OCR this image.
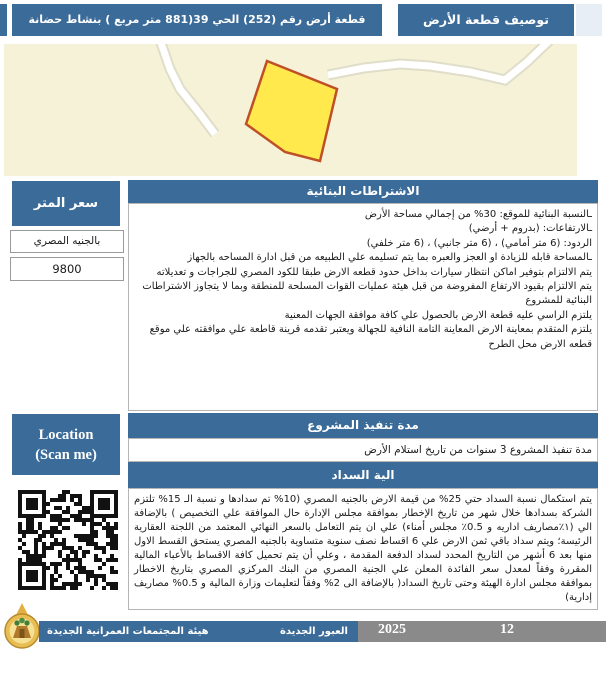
قطعة أرض رقم (252) الحي 39(881 متر مربع ) بنشاط حضانة	توصيف قطعة الأرض
سعر المتر
بالجنيه المصري
9800
الاشتراطات البنائية
ـالنسبة البنائية للموقع: 30% من إجمالي مساحة الأرض
ـالارتفاعات: (بدروم + أرضي)
الردود: (6 متر أمامي) ، (6 متر جانبي) ، (6 متر خلفي)
ـالمساحة قابله للزيادة او العجز والعبره بما يتم تسليمه علي الطبيعه من قبل ادارة المساحه بالجهاز
يتم الالتزام بتوفير اماكن انتظار سيارات بداخل حدود قطعه الارض طبقا للكود المصري للجراجات و تعديلاته
يتم الالتزام بقيود الارتفاع المفروضة من قبل هيئة عمليات القوات المسلحة للمنطقة وبما لا يتجاوز الاشتراطات البنائية للمشروع
يلتزم الراسي عليه قطعة الارض بالحصول علي كافة موافقة الجهات المعنية
يلتزم المتقدم بمعاينة الارض المعاينة التامة النافية للجهالة ويعتبر تقدمه قرينة قاطعة علي موافقته علي موقع قطعه الارض محل الطرح
مدة تنفيذ المشروع
مدة تنفيذ المشروع 3 سنوات من تاريخ استلام الأرض
الية السداد
يتم استكمال نسبة السداد حتي 25% من قيمة الارض بالجنيه المصري (10% تم سدادها و نسبة الـ 15% تلتزم الشركة بسدادها خلال شهر من تاريخ الإخطار بموافقة مجلس الإدارة حال الموافقة علي التخصيص ) بالإضافة الي (١٪مصاريف اداريه و 0.5٪ مجلس أمناء) علي ان يتم التعامل بالسعر النهائي المعتمد من اللجنة العقارية الرئيسة؛ ويتم سداد باقي ثمن الارض علي 6 اقساط نصف سنوية متساوية بالجنيه المصري يستحق القسط الاول منها بعد 6 أشهر من التاريخ المحدد لسداد الدفعة المقدمة ، وعلي أن يتم تحميل كافة الاقساط بالأعباء المالية المقررة وفقاً لمعدل سعر الفائدة المعلن علي الجنية المصري من البنك المركزي المصري بتاريخ الاخطار بموافقة مجلس ادارة الهيئة وحتى تاريخ السداد( بالإضافة الى 2% وفقاً لتعليمات وزارة المالية و 0.5% مصاريف إدارية)
Location
(Scan me)
هيئة المجتمعات العمرانية الجديدة	العبور الجديدة 2025	12
